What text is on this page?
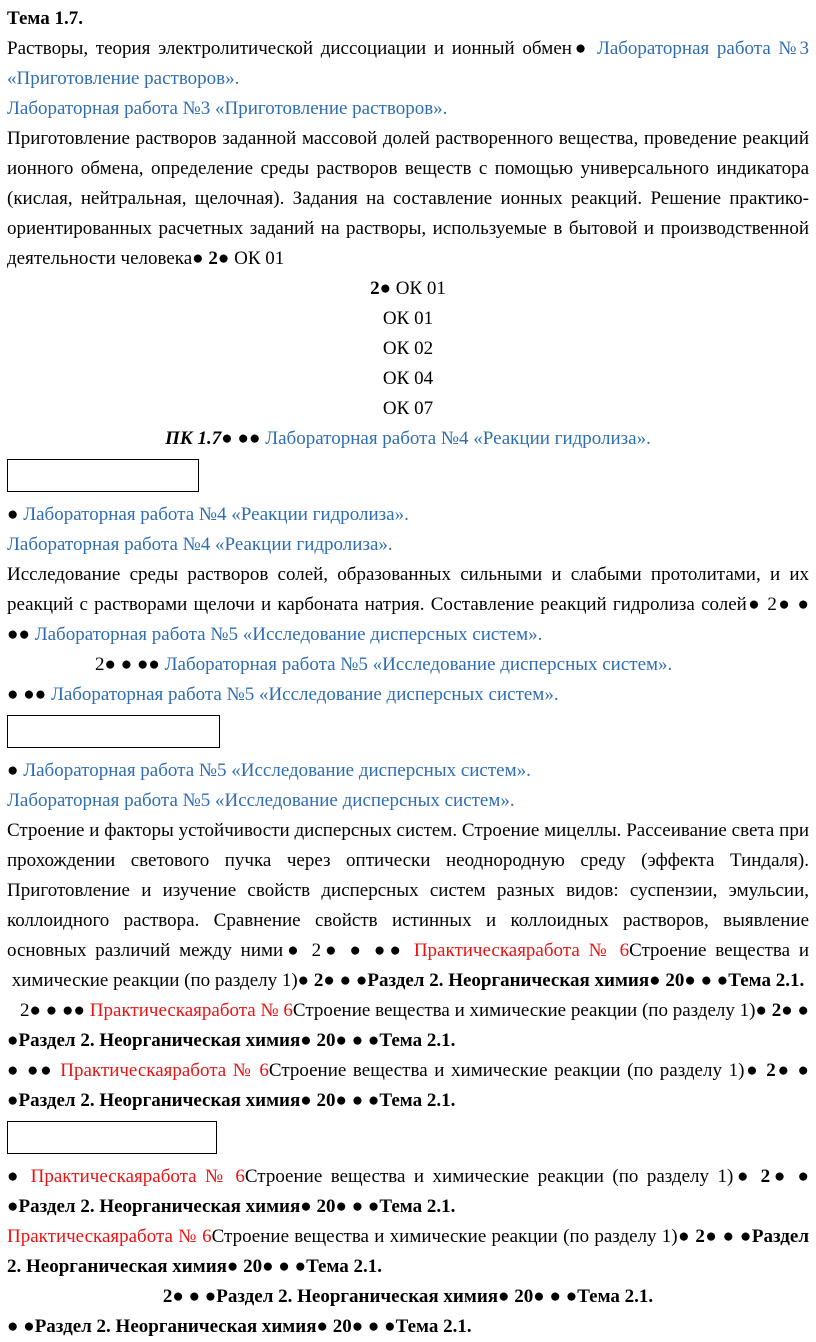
Тема 1.7.

Растворы, теория электролитической диссоциации и ионный обмен● Лабораторная работа №3 «Приготовление растворов».

Лабораторная работа №3 «Приготовление растворов».

Приготовление растворов заданной массовой долей растворенного вещества, проведение реакций ионного обмена, определение среды растворов веществ с помощью универсального индикатора (кислая, нейтральная, щелочная). Задания на составление ионных реакций. Решение практико-ориентированных расчетных заданий на растворы, используемые в бытовой и производственной деятельности человека● 2● ОК 01

2● ОК 01

ОК 01

ОК 02

ОК 04

ОК 07

ПК 1.7● ●● Лабораторная работа №4 «Реакции гидролиза».

● Лабораторная работа №4 «Реакции гидролиза».

Лабораторная работа №4 «Реакции гидролиза».

Исследование среды растворов солей, образованных сильными и слабыми протолитами, и их реакций с растворами щелочи и карбоната натрия. Составление реакций гидролиза солей● 2● ● ●● Лабораторная работа №5 «Исследование дисперсных систем».

2● ● ●● Лабораторная работа №5 «Исследование дисперсных систем».

● ●● Лабораторная работа №5 «Исследование дисперсных систем».

● Лабораторная работа №5 «Исследование дисперсных систем».

Лабораторная работа №5 «Исследование дисперсных систем».

Строение и факторы устойчивости дисперсных систем. Строение мицеллы. Рассеивание света при прохождении светового пучка через оптически неоднородную среду (эффекта Тиндаля). Приготовление и изучение свойств дисперсных систем разных видов: суспензии, эмульсии, коллоидного раствора. Сравнение свойств истинных и коллоидных растворов, выявление основных различий между ними● 2● ● ●● Практическаяработа № 6Строение вещества и химические реакции (по разделу 1)● 2● ● ●Раздел 2. Неорганическая химия● 20● ● ●Тема 2.1.

2● ● ●● Практическаяработа № 6Строение вещества и химические реакции (по разделу 1)● 2● ● ●Раздел 2. Неорганическая химия● 20● ● ●Тема 2.1.

● ●● Практическаяработа № 6Строение вещества и химические реакции (по разделу 1)● 2● ● ●Раздел 2. Неорганическая химия● 20● ● ●Тема 2.1.

● Практическаяработа № 6Строение вещества и химические реакции (по разделу 1)● 2● ● ●Раздел 2. Неорганическая химия● 20● ● ●Тема 2.1.

Практическаяработа № 6Строение вещества и химические реакции (по разделу 1)● 2● ● ●Раздел 2. Неорганическая химия● 20● ● ●Тема 2.1.

2● ● ●Раздел 2. Неорганическая химия● 20● ● ●Тема 2.1.

● ●Раздел 2. Неорганическая химия● 20● ● ●Тема 2.1.
